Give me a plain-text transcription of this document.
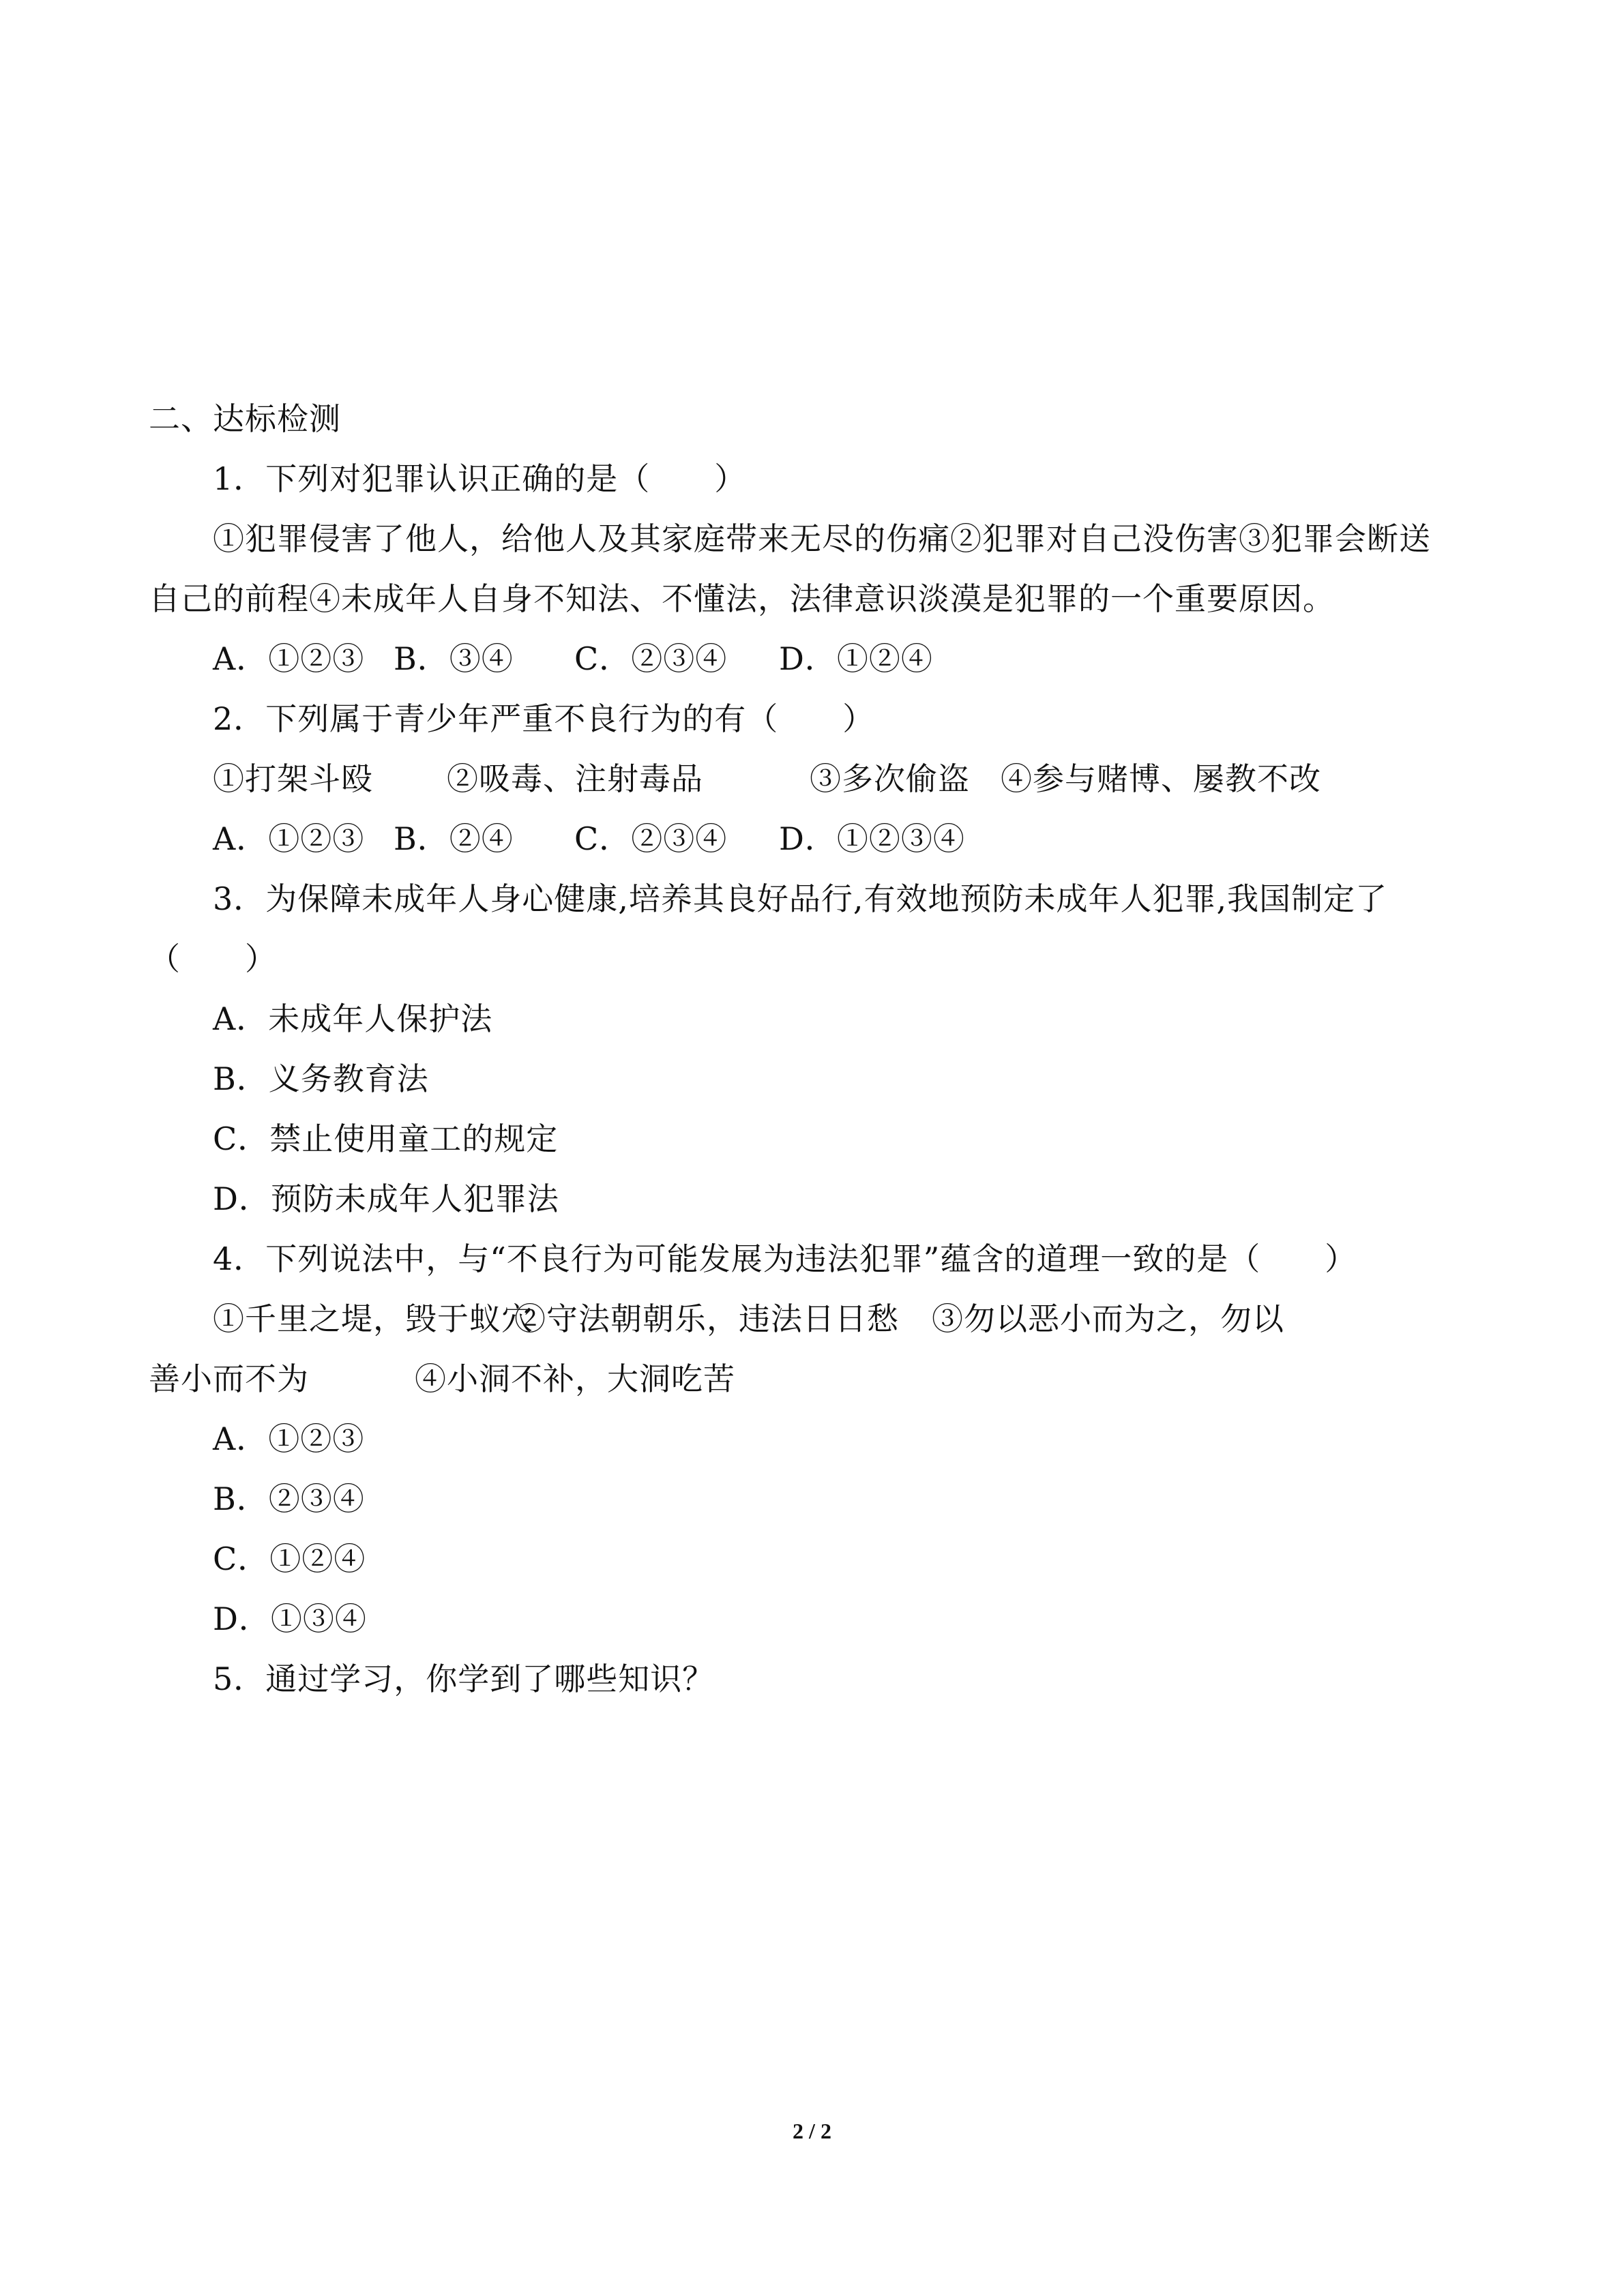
二、达标检测
1．下列对犯罪认识正确的是（　　）
①犯罪侵害了他人，给他人及其家庭带来无尽的伤痛②犯罪对自己没伤害③犯罪会断送
自己的前程④未成年人自身不知法、不懂法，法律意识淡漠是犯罪的一个重要原因。
A．①②③ B．③④	C．②③④	D．①②④
2．下列属于青少年严重不良行为的有（　　）
①打架斗殴	②吸毒、注射毒品	③多次偷盗 ④参与赌博、屡教不改
A．①②③ B．②④	C．②③④	D．①②③④
3．为保障未成年人身心健康,培养其良好品行,有效地预防未成年人犯罪,我国制定了
（　　）
A．未成年人保护法
B．义务教育法
C．禁止使用童工的规定
D．预防未成年人犯罪法
4．下列说法中，与“不良行为可能发展为违法犯罪”蕴含的道理一致的是（　　）
①千里之堤，毁于蚁穴
②守法朝朝乐，违法日日愁	③勿以恶小而为之，勿以
善小而不为	④小洞不补，大洞吃苦
A．①②③
B．②③④
C．①②④
D．①③④
5．通过学习，你学到了哪些知识？
2 / 2
